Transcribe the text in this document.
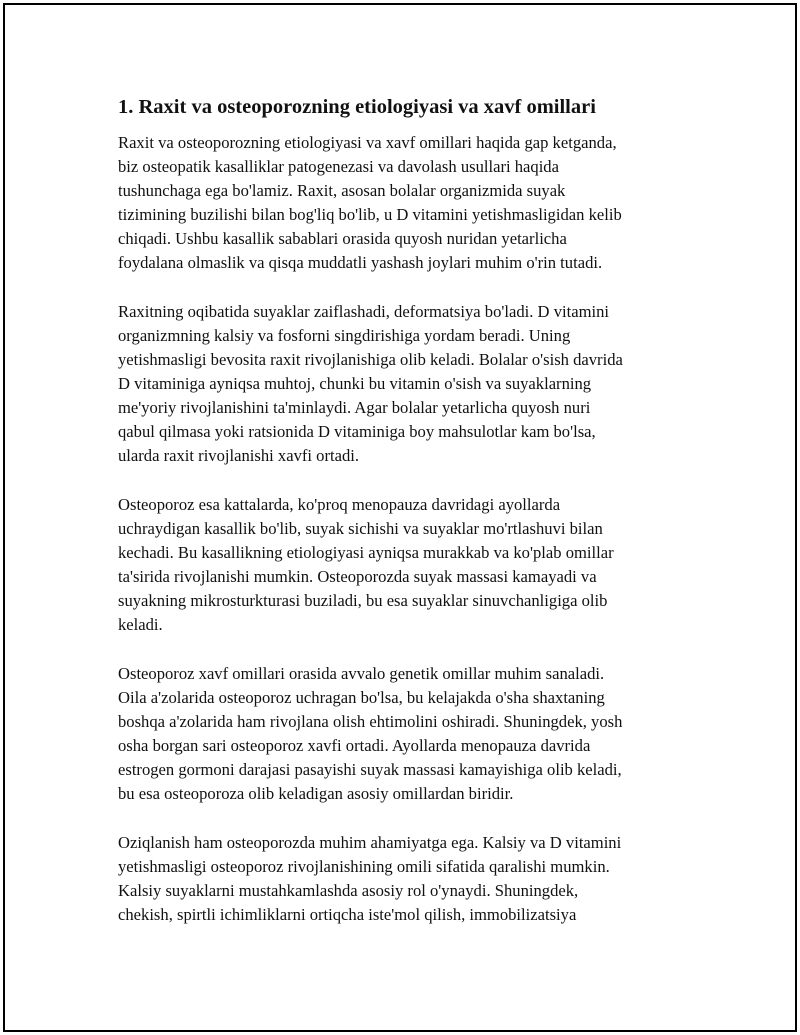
1. Raxit va osteoporozning etiologiyasi va xavf omillari

Raxit va osteoporozning etiologiyasi va xavf omillari haqida gap ketganda,
biz osteopatik kasalliklar patogenezasi va davolash usullari haqida
tushunchaga ega bo'lamiz. Raxit, asosan bolalar organizmida suyak
tizimining buzilishi bilan bog'liq bo'lib, u D vitamini yetishmasligidan kelib
chiqadi. Ushbu kasallik sabablari orasida quyosh nuridan yetarlicha
foydalana olmaslik va qisqa muddatli yashash joylari muhim o'rin tutadi.

Raxitning oqibatida suyaklar zaiflashadi, deformatsiya bo'ladi. D vitamini
organizmning kalsiy va fosforni singdirishiga yordam beradi. Uning
yetishmasligi bevosita raxit rivojlanishiga olib keladi. Bolalar o'sish davrida
D vitaminiga ayniqsa muhtoj, chunki bu vitamin o'sish va suyaklarning
me'yoriy rivojlanishini ta'minlaydi. Agar bolalar yetarlicha quyosh nuri
qabul qilmasa yoki ratsionida D vitaminiga boy mahsulotlar kam bo'lsa,
ularda raxit rivojlanishi xavfi ortadi.

Osteoporoz esa kattalarda, ko'proq menopauza davridagi ayollarda
uchraydigan kasallik bo'lib, suyak sichishi va suyaklar mo'rtlashuvi bilan
kechadi. Bu kasallikning etiologiyasi ayniqsa murakkab va ko'plab omillar
ta'sirida rivojlanishi mumkin. Osteoporozda suyak massasi kamayadi va
suyakning mikrosturkturasi buziladi, bu esa suyaklar sinuvchanligiga olib
keladi.

Osteoporoz xavf omillari orasida avvalo genetik omillar muhim sanaladi.
Oila a'zolarida osteoporoz uchragan bo'lsa, bu kelajakda o'sha shaxtaning
boshqa a'zolarida ham rivojlana olish ehtimolini oshiradi. Shuningdek, yosh
osha borgan sari osteoporoz xavfi ortadi. Ayollarda menopauza davrida
estrogen gormoni darajasi pasayishi suyak massasi kamayishiga olib keladi,
bu esa osteoporoza olib keladigan asosiy omillardan biridir.

Oziqlanish ham osteoporozda muhim ahamiyatga ega. Kalsiy va D vitamini
yetishmasligi osteoporoz rivojlanishining omili sifatida qaralishi mumkin.
Kalsiy suyaklarni mustahkamlashda asosiy rol o'ynaydi. Shuningdek,
chekish, spirtli ichimliklarni ortiqcha iste'mol qilish, immobilizatsiya
